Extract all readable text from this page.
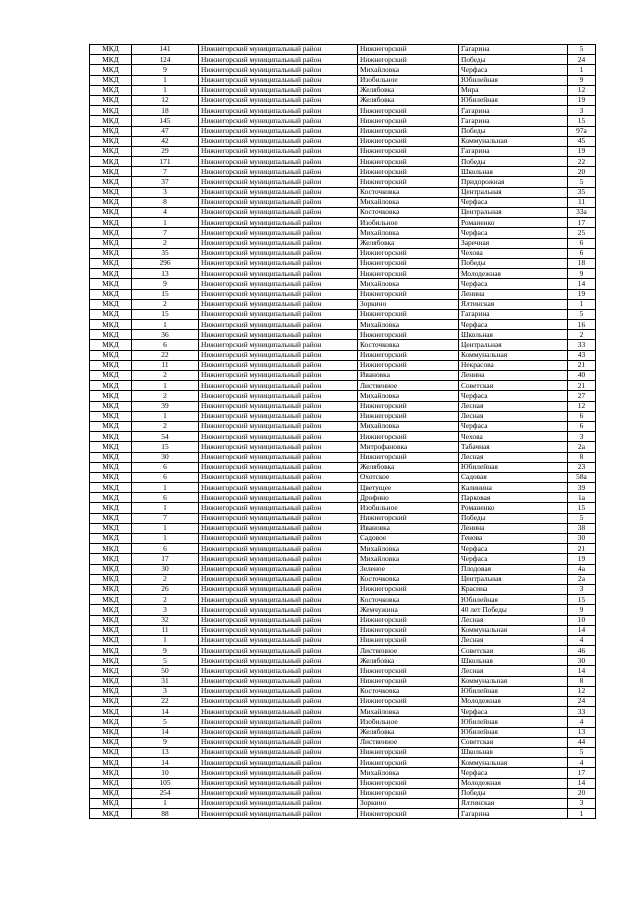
МКД	141	Нижнегорский муниципальный район	Нижнегорский	Гагарина	5
МКД	124	Нижнегорский муниципальный район	Нижнегорский	Победы	24
МКД	9	Нижнегорский муниципальный район	Михайловка	Черфаса	1
МКД	1	Нижнегорский муниципальный район	Изобильное	Юбилейная	9
МКД	1	Нижнегорский муниципальный район	Желябовка	Мира	12
МКД	12	Нижнегорский муниципальный район	Желябовка	Юбилейная	19
МКД	18	Нижнегорский муниципальный район	Нижнегорский	Гагарина	3
МКД	145	Нижнегорский муниципальный район	Нижнегорский	Гагарина	15
МКД	47	Нижнегорский муниципальный район	Нижнегорский	Победы	97а
МКД	42	Нижнегорский муниципальный район	Нижнегорский	Коммунальная	45
МКД	29	Нижнегорский муниципальный район	Нижнегорский	Гагарина	19
МКД	171	Нижнегорский муниципальный район	Нижнегорский	Победы	22
МКД	7	Нижнегорский муниципальный район	Нижнегорский	Школьная	20
МКД	37	Нижнегорский муниципальный район	Нижнегорский	Придорожная	5
МКД	3	Нижнегорский муниципальный район	Косточковка	Центральная	35
МКД	8	Нижнегорский муниципальный район	Михайловка	Черфаса	11
МКД	4	Нижнегорский муниципальный район	Косточковка	Центральная	33а
МКД	1	Нижнегорский муниципальный район	Изобильное	Романенко	17
МКД	7	Нижнегорский муниципальный район	Михайловка	Черфаса	25
МКД	2	Нижнегорский муниципальный район	Желябовка	Заречная	6
МКД	35	Нижнегорский муниципальный район	Нижнегорский	Чехова	6
МКД	296	Нижнегорский муниципальный район	Нижнегорский	Победы	18
МКД	13	Нижнегорский муниципальный район	Нижнегорский	Молодежная	9
МКД	9	Нижнегорский муниципальный район	Михайловка	Черфаса	14
МКД	15	Нижнегорский муниципальный район	Нижнегорский	Ленина	19
МКД	2	Нижнегорский муниципальный район	Зоркино	Ялтинская	1
МКД	15	Нижнегорский муниципальный район	Нижнегорский	Гагарина	5
МКД	1	Нижнегорский муниципальный район	Михайловка	Черфаса	16
МКД	36	Нижнегорский муниципальный район	Нижнегорский	Школьная	2
МКД	6	Нижнегорский муниципальный район	Косточковка	Центральная	33
МКД	22	Нижнегорский муниципальный район	Нижнегорский	Коммунальная	43
МКД	11	Нижнегорский муниципальный район	Нижнегорский	Некрасова	21
МКД	2	Нижнегорский муниципальный район	Ивановка	Ленина	40
МКД	1	Нижнегорский муниципальный район	Лиственное	Советская	21
МКД	2	Нижнегорский муниципальный район	Михайловка	Черфаса	27
МКД	39	Нижнегорский муниципальный район	Нижнегорский	Лесная	12
МКД	1	Нижнегорский муниципальный район	Нижнегорский	Лесная	6
МКД	2	Нижнегорский муниципальный район	Михайловка	Черфаса	6
МКД	54	Нижнегорский муниципальный район	Нижнегорский	Чехова	3
МКД	15	Нижнегорский муниципальный район	Митрофановка	Табачная	2а
МКД	30	Нижнегорский муниципальный район	Нижнегорский	Лесная	8
МКД	6	Нижнегорский муниципальный район	Желябовка	Юбилейная	23
МКД	6	Нижнегорский муниципальный район	Охотское	Садовая	58а
МКД	1	Нижнегорский муниципальный район	Цветущее	Калинина	39
МКД	6	Нижнегорский муниципальный район	Дрофино	Парковая	1а
МКД	1	Нижнегорский муниципальный район	Изобильное	Романенко	15
МКД	7	Нижнегорский муниципальный район	Нижнегорский	Победы	5
МКД	1	Нижнегорский муниципальный район	Ивановка	Ленина	38
МКД	1	Нижнегорский муниципальный район	Садовое	Генова	30
МКД	6	Нижнегорский муниципальный район	Михайловка	Черфаса	21
МКД	17	Нижнегорский муниципальный район	Михайловка	Черфаса	19
МКД	30	Нижнегорский муниципальный район	Зеленое	Плодовая	4а
МКД	2	Нижнегорский муниципальный район	Косточковка	Центральная	2а
МКД	26	Нижнегорский муниципальный район	Нижнегорский	Красина	3
МКД	2	Нижнегорский муниципальный район	Косточковка	Юбилейная	15
МКД	3	Нижнегорский муниципальный район	Жемчужина	40 лет Победы	9
МКД	32	Нижнегорский муниципальный район	Нижнегорский	Лесная	10
МКД	11	Нижнегорский муниципальный район	Нижнегорский	Коммунальная	14
МКД	1	Нижнегорский муниципальный район	Нижнегорский	Лесная	4
МКД	9	Нижнегорский муниципальный район	Лиственное	Советская	46
МКД	5	Нижнегорский муниципальный район	Желябовка	Школьная	30
МКД	50	Нижнегорский муниципальный район	Нижнегорский	Лесная	14
МКД	31	Нижнегорский муниципальный район	Нижнегорский	Коммунальная	8
МКД	3	Нижнегорский муниципальный район	Косточковка	Юбилейная	12
МКД	22	Нижнегорский муниципальный район	Нижнегорский	Молодежная	24
МКД	14	Нижнегорский муниципальный район	Михайловка	Черфаса	33
МКД	5	Нижнегорский муниципальный район	Изобильное	Юбилейная	4
МКД	14	Нижнегорский муниципальный район	Желябовка	Юбилейная	13
МКД	9	Нижнегорский муниципальный район	Лиственное	Советская	44
МКД	13	Нижнегорский муниципальный район	Нижнегорский	Школьная	5
МКД	14	Нижнегорский муниципальный район	Нижнегорский	Коммунальная	4
МКД	10	Нижнегорский муниципальный район	Михайловка	Черфаса	17
МКД	105	Нижнегорский муниципальный район	Нижнегорский	Молодежная	14
МКД	254	Нижнегорский муниципальный район	Нижнегорский	Победы	20
МКД	1	Нижнегорский муниципальный район	Зоркино	Ялтинская	3
МКД	88	Нижнегорский муниципальный район	Нижнегорский	Гагарина	1
